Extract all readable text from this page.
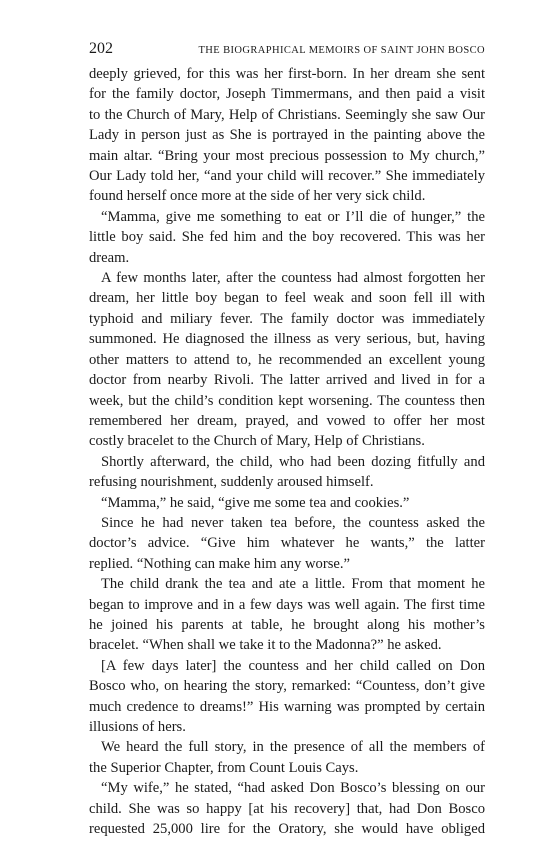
202	THE BIOGRAPHICAL MEMOIRS OF SAINT JOHN BOSCO
deeply grieved, for this was her first-born. In her dream she sent
for the family doctor, Joseph Timmermans, and then paid a visit
to the Church of Mary, Help of Christians. Seemingly she saw Our
Lady in person just as She is portrayed in the painting above the
main altar. “Bring your most precious possession to My church,”
Our Lady told her, “and your child will recover.” She immediately
found herself once more at the side of her very sick child.
“Mamma, give me something to eat or I’ll die of hunger,” the
little boy said. She fed him and the boy recovered. This was her
dream.
A few months later, after the countess had almost forgotten her
dream, her little boy began to feel weak and soon fell ill with
typhoid and miliary fever. The family doctor was immediately
summoned. He diagnosed the illness as very serious, but, having
other matters to attend to, he recommended an excellent young
doctor from nearby Rivoli. The latter arrived and lived in for a
week, but the child’s condition kept worsening. The countess then
remembered her dream, prayed, and vowed to offer her most
costly bracelet to the Church of Mary, Help of Christians.
Shortly afterward, the child, who had been dozing fitfully and
refusing nourishment, suddenly aroused himself.
“Mamma,” he said, “give me some tea and cookies.”
Since he had never taken tea before, the countess asked the
doctor’s advice. “Give him whatever he wants,” the latter
replied. “Nothing can make him any worse.”
The child drank the tea and ate a little. From that moment he
began to improve and in a few days was well again. The first time
he joined his parents at table, he brought along his mother’s
bracelet. “When shall we take it to the Madonna?” he asked.
[A few days later] the countess and her child called on Don
Bosco who, on hearing the story, remarked: “Countess, don’t give
much credence to dreams!” His warning was prompted by certain
illusions of hers.
We heard the full story, in the presence of all the members of
the Superior Chapter, from Count Louis Cays.
“My wife,” he stated, “had asked Don Bosco’s blessing on our
child. She was so happy [at his recovery] that, had Don Bosco
requested 25,000 lire for the Oratory, she would have obliged
